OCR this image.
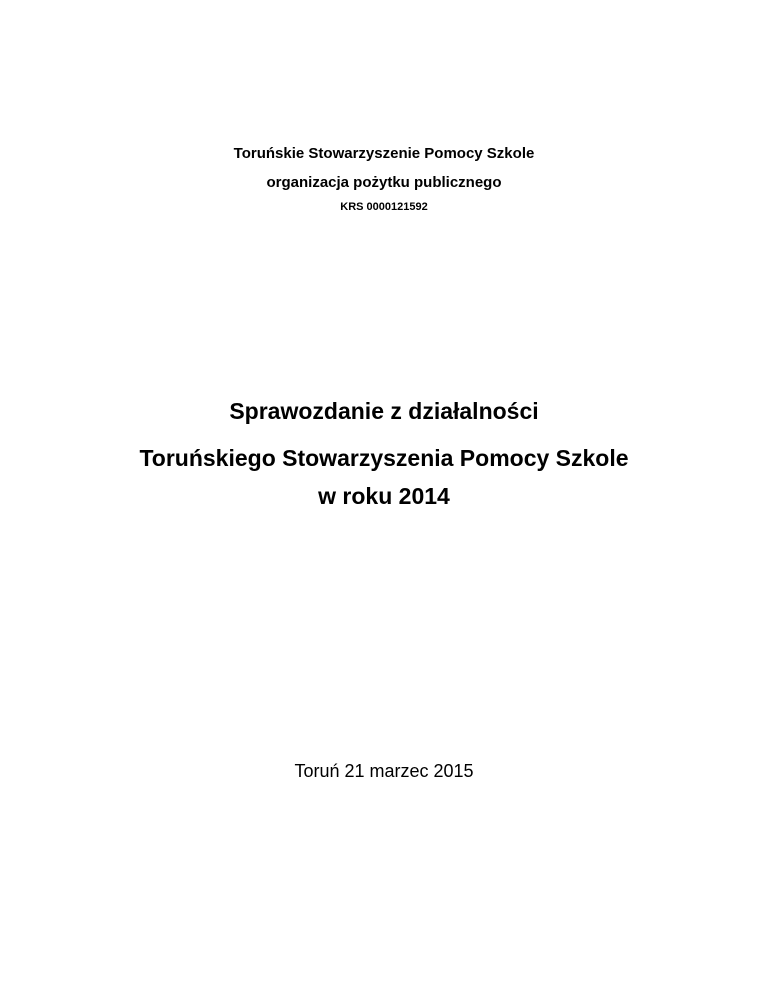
Toruńskie Stowarzyszenie Pomocy Szkole

organizacja pożytku publicznego

KRS 0000121592

Sprawozdanie z działalności
Toruńskiego Stowarzyszenia Pomocy Szkole
w roku 2014

Toruń 21 marzec 2015
